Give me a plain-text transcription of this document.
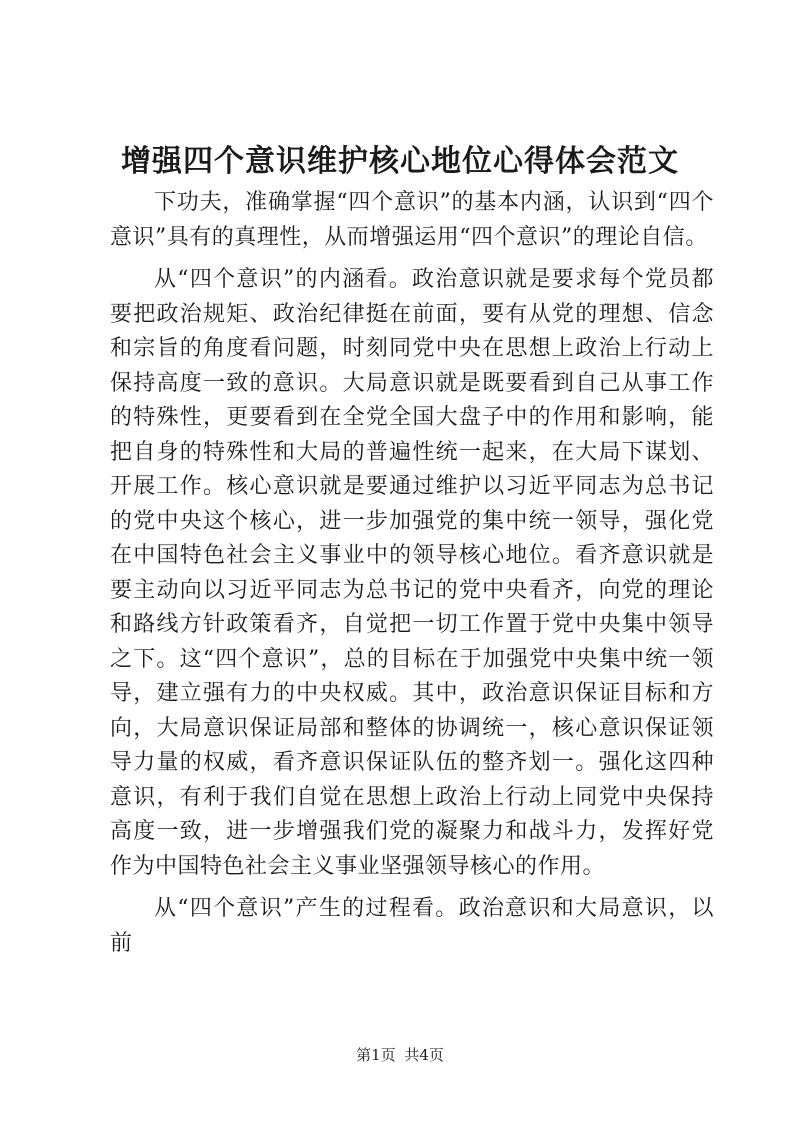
增强四个意识维护核心地位心得体会范文

下功夫，准确掌握“四个意识”的基本内涵，认识到“四个意识”具有的真理性，从而增强运用“四个意识”的理论自信。

从“四个意识”的内涵看。政治意识就是要求每个党员都要把政治规矩、政治纪律挺在前面，要有从党的理想、信念和宗旨的角度看问题，时刻同党中央在思想上政治上行动上保持高度一致的意识。大局意识就是既要看到自己从事工作的特殊性，更要看到在全党全国大盘子中的作用和影响，能把自身的特殊性和大局的普遍性统一起来，在大局下谋划、开展工作。核心意识就是要通过维护以习近平同志为总书记的党中央这个核心，进一步加强党的集中统一领导，强化党在中国特色社会主义事业中的领导核心地位。看齐意识就是要主动向以习近平同志为总书记的党中央看齐，向党的理论和路线方针政策看齐，自觉把一切工作置于党中央集中领导之下。这“四个意识”，总的目标在于加强党中央集中统一领导，建立强有力的中央权威。其中，政治意识保证目标和方向，大局意识保证局部和整体的协调统一，核心意识保证领导力量的权威，看齐意识保证队伍的整齐划一。强化这四种意识，有利于我们自觉在思想上政治上行动上同党中央保持高度一致，进一步增强我们党的凝聚力和战斗力，发挥好党作为中国特色社会主义事业坚强领导核心的作用。

从“四个意识”产生的过程看。政治意识和大局意识，以前

第1页 共4页
